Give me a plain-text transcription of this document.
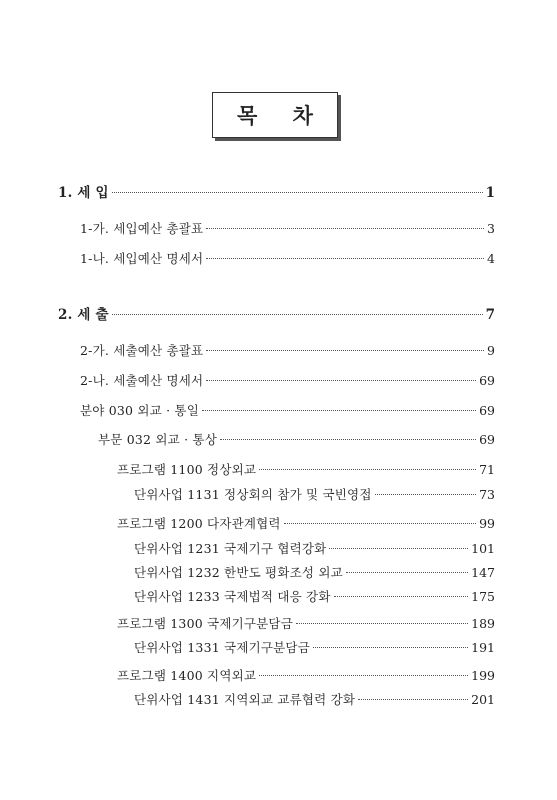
목 차
1. 세 입	1
1-가. 세입예산 총괄표	3
1-나. 세입예산 명세서	4
2. 세 출	7
2-가. 세출예산 총괄표	9
2-나. 세출예산 명세서	69
분야 030 외교 · 통일	69
부문 032 외교 · 통상	69
프로그램 1100 정상외교	71
단위사업 1131 정상회의 참가 및 국빈영접	73
프로그램 1200 다자관계협력	99
단위사업 1231 국제기구 협력강화	101
단위사업 1232 한반도 평화조성 외교	147
단위사업 1233 국제법적 대응 강화	175
프로그램 1300 국제기구분담금	189
단위사업 1331 국제기구분담금	191
프로그램 1400 지역외교	199
단위사업 1431 지역외교 교류협력 강화	201
